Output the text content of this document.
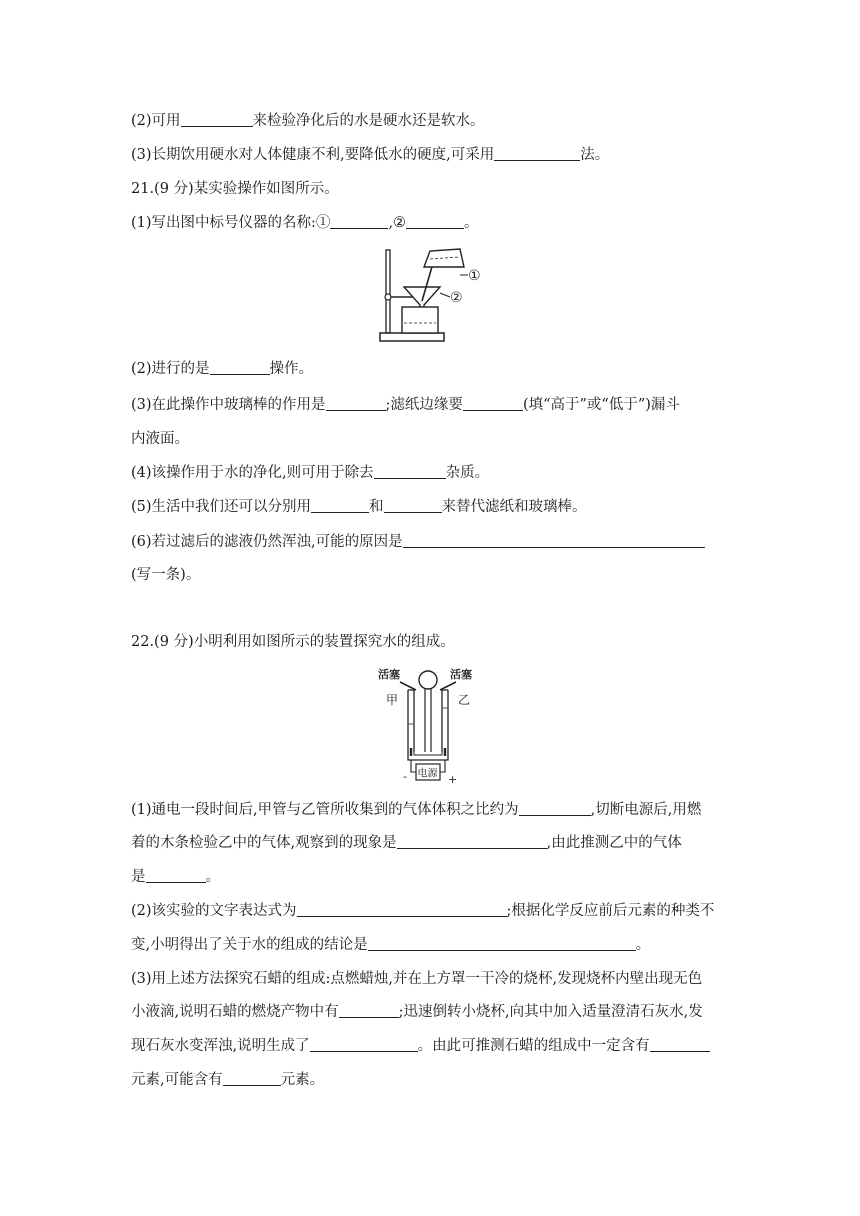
(2)可用	来检验净化后的水是硬水还是软水。
(3)长期饮用硬水对人体健康不利,要降低水的硬度,可采用	法。
21.(9 分)某实验操作如图所示。
(1)写出图中标号仪器的名称:①	,②	。
①
②
(2)进行的是	操作。
(3)在此操作中玻璃棒的作用是	;滤纸边缘要	(填“高于”或“低于”)漏斗
内液面。
(4)该操作用于水的净化,则可用于除去	杂质。
(5)生活中我们还可以分别用	和	来替代滤纸和玻璃棒。
(6)若过滤后的滤液仍然浑浊,可能的原因是
(写一条)。
22.(9 分)小明利用如图所示的装置探究水的组成。
活塞	活塞
甲	乙
电源
-	+
(1)通电一段时间后,甲管与乙管所收集到的气体体积之比约为	,切断电源后,用燃
着的木条检验乙中的气体,观察到的现象是	,由此推测乙中的气体
是	。
(2)该实验的文字表达式为	;根据化学反应前后元素的种类不
变,小明得出了关于水的组成的结论是	。
(3)用上述方法探究石蜡的组成:点燃蜡烛,并在上方罩一干冷的烧杯,发现烧杯内壁出现无色
小液滴,说明石蜡的燃烧产物中有	;迅速倒转小烧杯,向其中加入适量澄清石灰水,发
现石灰水变浑浊,说明生成了	。由此可推测石蜡的组成中一定含有
元素,可能含有	元素。
